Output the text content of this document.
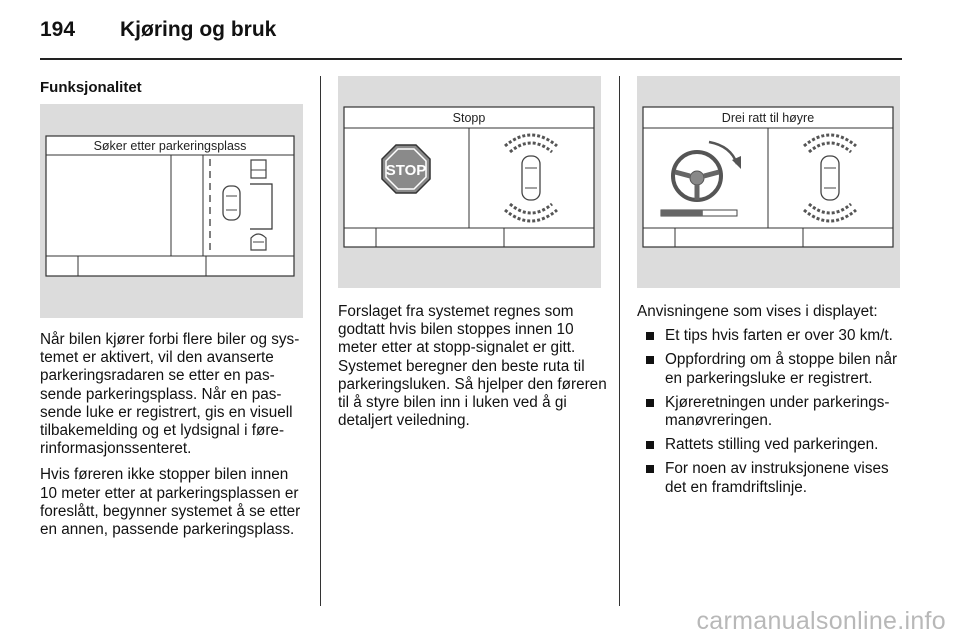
194	Kjøring og bruk
Funksjonalitet
Søker etter parkeringsplass

Når bilen kjører forbi flere biler og systemet er aktivert, vil den avanserte parkeringsradaren se etter en passende parkeringsplass. Når en passende luke er registrert, gis en visuell tilbakemelding og et lydsignal i førerinformasjonssenteret.

Hvis føreren ikke stopper bilen innen 10 meter etter at parkeringsplassen er foreslått, begynner systemet å se etter en annen, passende parkeringsplass.

Stopp
STOP

Forslaget fra systemet regnes som godtatt hvis bilen stoppes innen 10 meter etter at stopp-signalet er gitt. Systemet beregner den beste ruta til parkeringsluken. Så hjelper den føreren til å styre bilen inn i luken ved å gi detaljert veiledning.

Drei ratt til høyre
Anvisningene som vises i displayet:
Et tips hvis farten er over 30 km/t.
Oppfordring om å stoppe bilen når en parkeringsluke er registrert.
Kjøreretningen under parkeringsmanøvreringen.
Rattets stilling ved parkeringen.
For noen av instruksjonene vises det en framdriftslinje.
carmanualsonline.info
